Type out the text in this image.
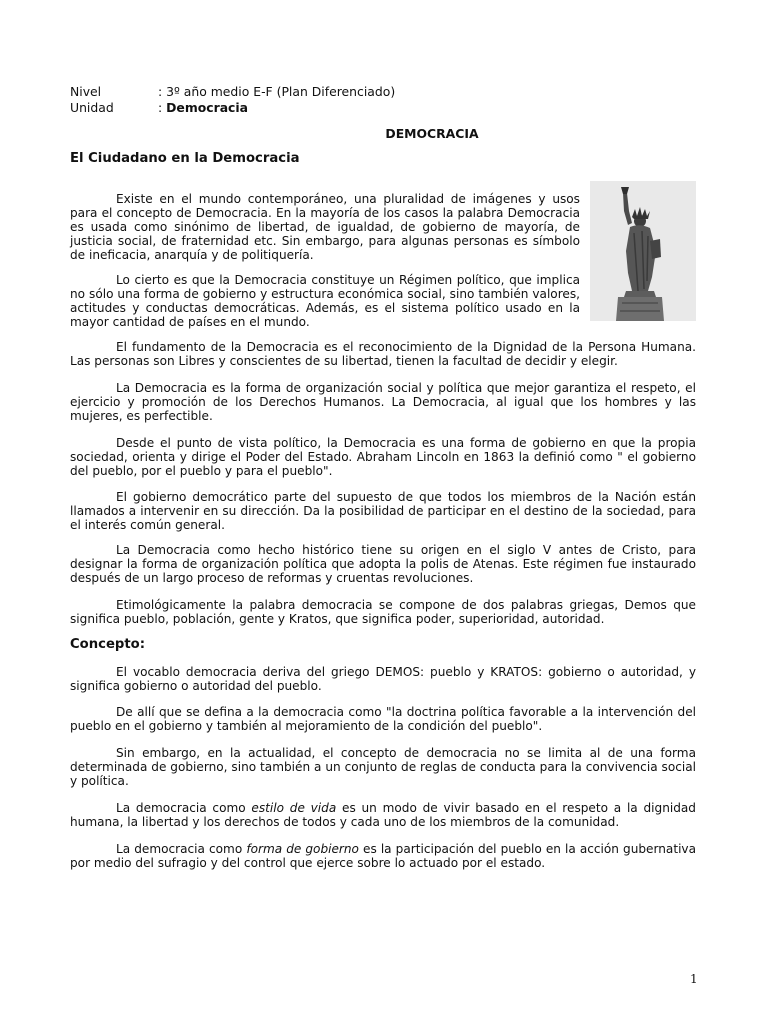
Nivel	: 3º año medio E-F (Plan Diferenciado)
Unidad	: Democracia
DEMOCRACIA
El Ciudadano en la Democracia

Existe en el mundo contemporáneo, una pluralidad de imágenes y usos para el concepto de Democracia. En la mayoría de los casos la palabra Democracia es usada como sinónimo de libertad, de igualdad, de gobierno de mayoría, de justicia social, de fraternidad etc. Sin embargo, para algunas personas es símbolo de ineficacia, anarquía y de politiquería.

Lo cierto es que la Democracia constituye un Régimen político, que implica no sólo una forma de gobierno y estructura económica social, sino también valores, actitudes y conductas democráticas. Además, es el sistema político usado en la mayor cantidad de países en el mundo.

El fundamento de la Democracia es el reconocimiento de la Dignidad de la Persona Humana. Las personas son Libres y conscientes de su libertad, tienen la facultad de decidir y elegir.

La Democracia es la forma de organización social y política que mejor garantiza el respeto, el ejercicio y promoción de los Derechos Humanos. La Democracia, al igual que los hombres y las mujeres, es perfectible.

Desde el punto de vista político, la Democracia es una forma de gobierno en que la propia sociedad, orienta y dirige el Poder del Estado. Abraham Lincoln en 1863 la definió como " el gobierno del pueblo, por el pueblo y para el pueblo".

El gobierno democrático parte del supuesto de que todos los miembros de la Nación están llamados a intervenir en su dirección. Da la posibilidad de participar en el destino de la sociedad, para el interés común general.

La Democracia como hecho histórico tiene su origen en el siglo V antes de Cristo, para designar la forma de organización política que adopta la polis de Atenas. Este régimen fue instaurado después de un largo proceso de reformas y cruentas revoluciones.

Etimológicamente la palabra democracia se compone de dos palabras griegas, Demos que significa pueblo, población, gente y Kratos, que significa poder, superioridad, autoridad.

Concepto:

El vocablo democracia deriva del griego DEMOS: pueblo y KRATOS: gobierno o autoridad, y significa gobierno o autoridad del pueblo.

De allí que se defina a la democracia como "la doctrina política favorable a la intervención del pueblo en el gobierno y también al mejoramiento de la condición del pueblo".

Sin embargo, en la actualidad, el concepto de democracia no se limita al de una forma determinada de gobierno, sino también a un conjunto de reglas de conducta para la convivencia social y política.

La democracia como estilo de vida es un modo de vivir basado en el respeto a la dignidad humana, la libertad y los derechos de todos y cada uno de los miembros de la comunidad.

La democracia como forma de gobierno es la participación del pueblo en la acción gubernativa por medio del sufragio y del control que ejerce sobre lo actuado por el estado.

1
